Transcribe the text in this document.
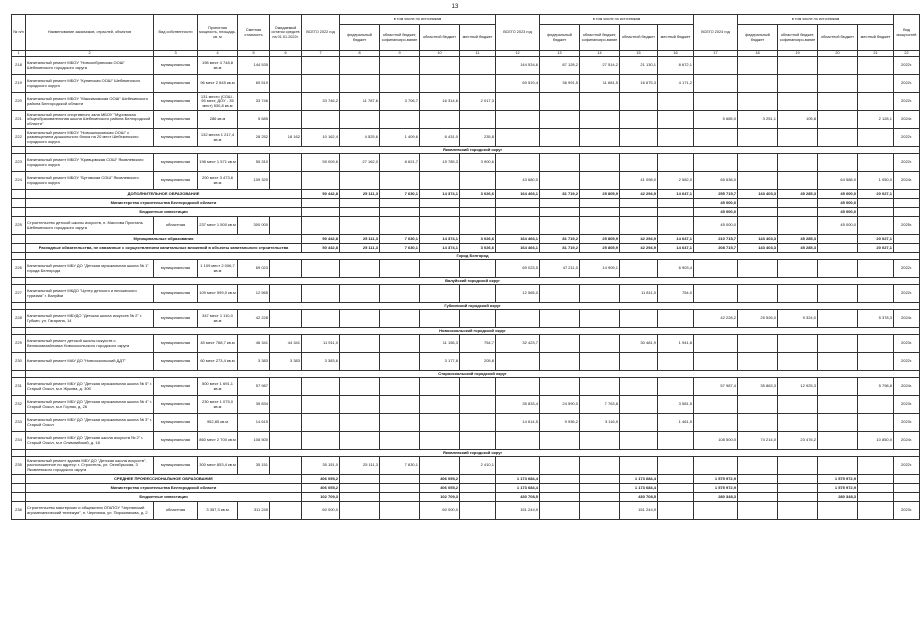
13
№ п/п	Наименование заказчиков, отраслей, объектов	Вид собственности	Проектная мощность, площадь, кв. м	Сметная стоимость	Ожидаемый остаток средств на 01.01.2022г.	ВСЕГО 2022 год	в том числе по источникам				ВСЕГО 2023 год	в том числе по источникам				ВСЕГО 2024 год	в том числе по источникам				Вид мощностей
							федеральный бюджет	областной бюджет, софинансиро-вание	областной бюджет	местный бюджет		федеральный бюджет	областной бюджет, софинансиро-вание	областной бюджет	местный бюджет		федеральный бюджет	областной бюджет, софинансиро-вание	областной бюджет	местный бюджет	
1	2	3	4	5	6	7	8	9	10	11	12	13	14	15	16	17	18	19	20	21	22
218	Капитальный ремонт МБОУ "Новоолбрянская ООШ" Шебекинского городского округа	муниципальная	198 мест 4 748,8 кв.м	144 535							144 534,6	87 128,2	27 514,2	21 130,1	8 672,1						2022г.
219	Капитальный ремонт МБОУ "Купинская ООШ" Шебекинского городского округа	муниципальная	96 мест 2 845 кв.м	69 519							69 519,4	36 991,5	11 681,5	16 675,3	4 171,2						2022г.
220	Капитальный ремонт МБОУ "Максимовская ООШ" Шебекинского района Белгородской области	муниципальная	131 место (СОШ - 95 мест, ДОУ - 35 мест) 530,8 кв.м	33 746		33 746,2	11 787,6	3 706,7	16 314,6	2 017,3											2022г.
221	Капитальный ремонт спортивного зала МБОУ "Муромская общеобразовательная школа Шебекинского района Белгородской области"	муниципальная	286 кв.м	5 685												5 685,0	3 251,1	105,8		2 128,1	2024г.
222	Капитальный ремонт МБОУ "Новошлыковская ООШ" с размещением дошкольного блока на 20 мест Шебекинского городского округа	муниципальная	132 места 1 217,4 кв.м	28 252	18 162	10 162,4	4 525,6	1 409,6	6 431,0	235,8											2022г.
	Яковлевский городской округ																				
223	Капитальный ремонт МБОУ "Кривцовская СОШ" Яковлевского городского округа	муниципальная	198 мест 1 571 кв.м	55 310		55 009,6	27 162,0	8 621,7	15 785,3	3 900,6											2022г.
224	Капитальный ремонт МБОУ "Бутовская СОШ" Яковлевского городского округа	муниципальная	200 мест 3 473,6 кв.м	109 320							43 680,0			41 098,0	2 582,0	65 638,0			64 588,0	1 050,0	2024г.
	ДОПОЛНИТЕЛЬНОЕ ОБРАЗОВАНИЕ					50 442,8	25 111,3	7 630,1	14 374,1	3 026,6	164 466,1	81 719,2	25 805,9	42 294,9	14 647,1	255 715,7	143 403,3	45 285,3	45 000,0	20 027,1	
	Министерство строительства Белгородской области															45 000,0			45 000,0		
	Бюджетные инвестиции															45 000,0			45 000,0		
225	Строительство детской школы искусств, п. Маслова Пристань Шебекинского городского округа	областная	237 мест 1 500 кв.м	300 000												45 000,0			45 000,0		2025г.
	Муниципальные образования					50 442,8	25 111,3	7 630,1	14 374,1	3 026,6	164 466,1	81 719,2	25 805,9	42 294,9	14 647,1	210 715,7	143 403,3	45 285,3		20 027,1	
	Расходные обязательства, не связанные с осуществлением капитальных вложений в объекты капитального строительства					50 442,8	25 111,3	7 630,1	14 374,1	3 026,6	164 466,1	81 719,2	25 805,9	42 294,9	14 647,1	208 715,7	143 403,3	45 285,3		20 027,1	
	Город Белгород																				
226	Капитальный ремонт МБУ ДО "Детская музыкальная школа № 1" города Белгорода	муниципальная	1 109 мест 2 006,7 кв.м	69 023							69 023,5	47 211,0	14 909,1		6 903,4						2022г.
	Валуйский городской округ																				
227	Капитальный ремонт МКДО "Центр детского и юношеского туризма" г. Валуйки	муниципальная	109 мест 599,0 кв.м	12 565							12 565,0			11 811,0	754,0						2022г.
	Губкинский городской округ																				
228	Капитальный ремонт МБУДО "Детская школа искусств № 2" г. Губкин, ул. Гагарина, 14	муниципальная	347 мест 1 110,0 кв.м	42 228												42 228,2	25 526,0	9 324,0		5 378,3	2024г.
	Новооскольский городской округ																				
229	Капитальный ремонт детской школы искусств с. Великомихайловка Новооскольского городского округа	муниципальная	45 мест 768,7 кв.м	46 341	44 341	11 911,0			11 156,3	754,7	32 423,7			30 481,9	1 941,8						2023г.
230	Капитальный ремонт МАУ ДО "Новооскольский ДДТ"	муниципальная	60 мест 273,4 кв.м	3 383	3 383	3 383,6			3 177,8	205,8											2022г.
	Старооскольский городской округ																				
231	Капитальный ремонт МБУ ДО "Детская музыкальная школа № 5" г. Старый Оскол, м-н Жукова, д. 30б	муниципальная	500 мест 1 691,1 кв.м	57 987												57 987,4	35 863,3	12 925,3		5 798,8	2024г.
232	Капитальный ремонт МБУ ДО "Детская музыкальная школа № 4" г. Старый Оскол, м-н Горняк, д. 26	муниципальная	230 мест 1 075,0 кв.м	35 834							35 833,4	24 590,0	7 763,8		3 581,5						2023г.
233	Капитальный ремонт МБУ ДО "Детская музыкальная школа № 3" г. Старый Оскол	муниципальная	952,85 кв.м	14 615							14 614,5	9 936,2	3 116,9		1 461,5						2023г.
234	Капитальный ремонт МБУ ДО "Детская школа искусств № 2" г. Старый Оскол, м-н Олимпийский, д. 18	муниципальная	860 мест 2 700 кв.м	108 500												108 500,0	74 214,0	23 476,2		10 850,0	2024г.
	Яковлевский городской округ																				
235	Капитальный ремонт здания МБУ ДО "Детская школа искусств", расположенное по адресу: г. Строитель, ул. Октябрьская, 3 Яковлевского городского округа	муниципальная	300 мест 853,4 кв.м	35 151		35 151,0	25 111,3	7 630,1		2 410,1											2022г.
	СРЕДНЕЕ ПРОФЕССИОНАЛЬНОЕ ОБРАЗОВАНИЕ					406 055,2			406 055,2		1 173 684,4			1 173 684,4		1 575 972,9			1 575 972,9		
	Министерство строительства Белгородской области					406 055,2			406 055,2		1 173 684,4			1 173 684,4		1 575 972,9			1 575 972,9		
	Бюджетные инвестиции					102 709,3			102 709,3		430 708,5			430 708,5		280 348,3			280 348,3		
236	Строительство мастерских и общежития ОГАПОУ "Чернянский агромеханический техникум", п. Чернянка, ул. Пирожникова, д. 2	областная	3 357,3 кв.м	311 245		60 000,0			60 000,0		151 244,9			151 244,9							2023г.
